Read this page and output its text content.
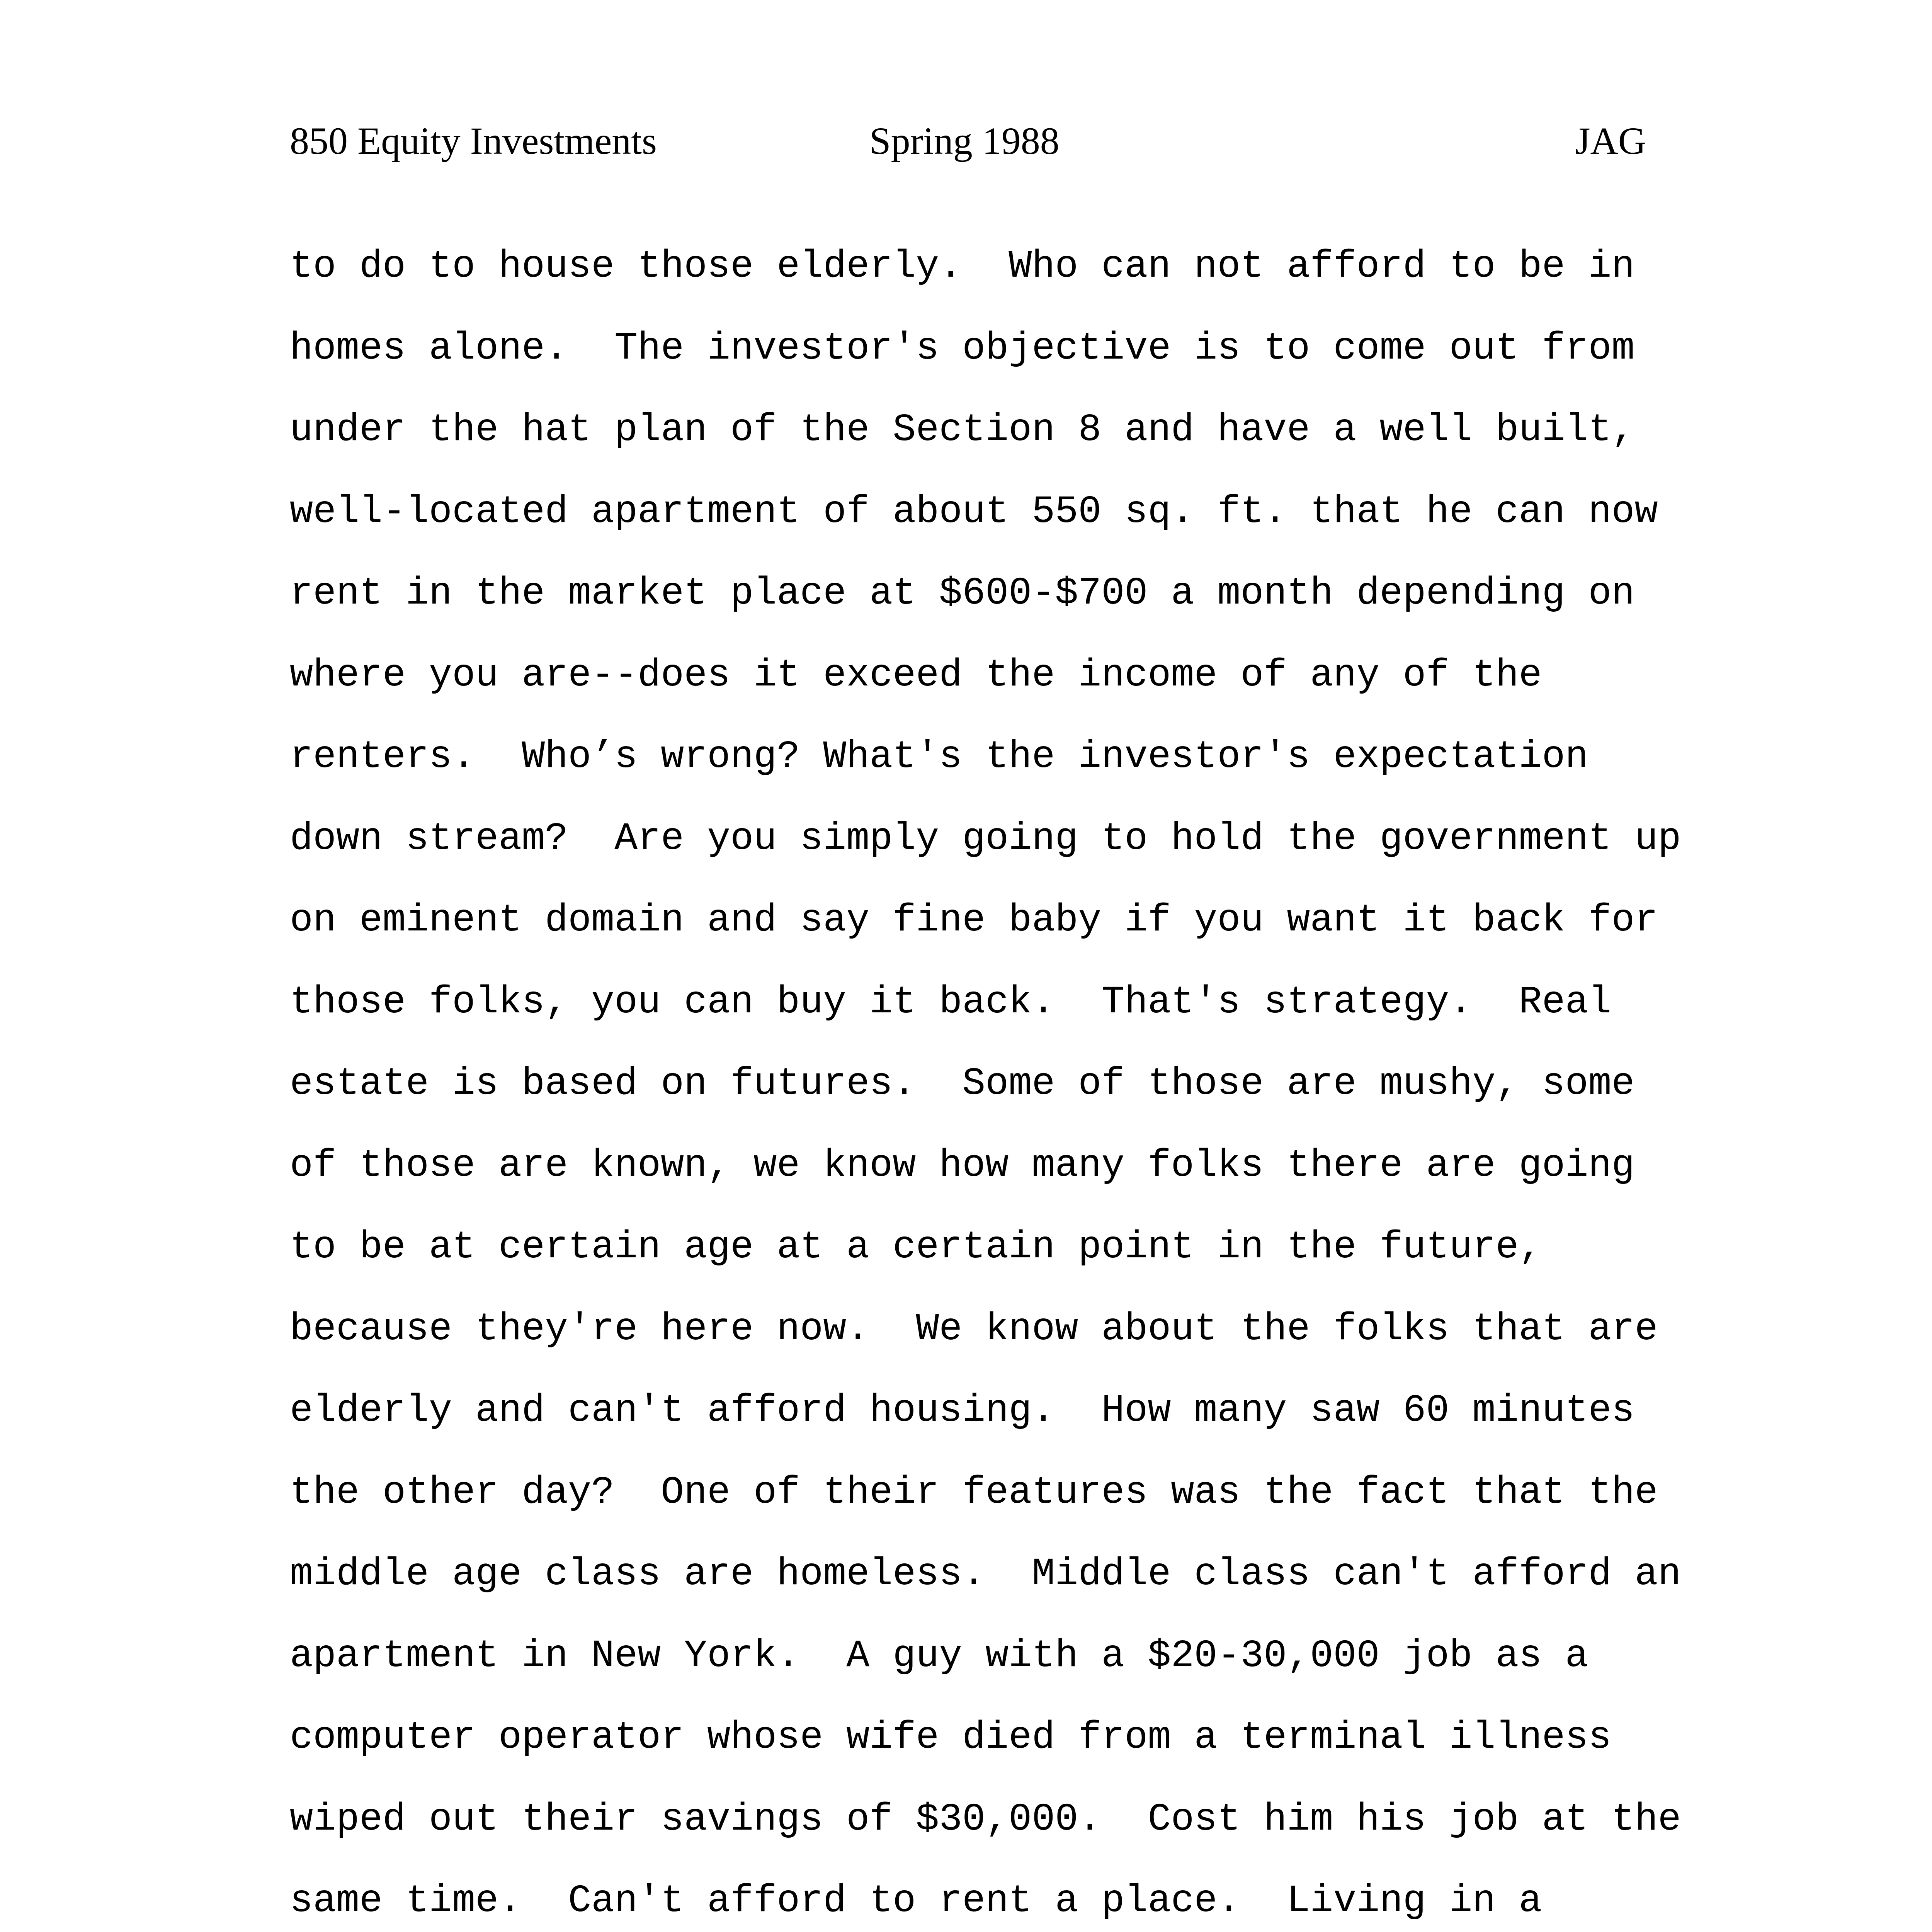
850 Equity Investments	Spring 1988	JAG
to do to house those elderly.  Who can not afford to be in
homes alone.  The investor's objective is to come out from
under the hat plan of the Section 8 and have a well built,
well-located apartment of about 550 sq. ft. that he can now
rent in the market place at $600-$700 a month depending on
where you are--does it exceed the income of any of the
renters.  Who’s wrong? What's the investor's expectation
down stream?  Are you simply going to hold the government up
on eminent domain and say fine baby if you want it back for
those folks, you can buy it back.  That's strategy.  Real
estate is based on futures.  Some of those are mushy, some
of those are known, we know how many folks there are going
to be at certain age at a certain point in the future,
because they're here now.  We know about the folks that are
elderly and can't afford housing.  How many saw 60 minutes
the other day?  One of their features was the fact that the
middle age class are homeless.  Middle class can't afford an
apartment in New York.  A guy with a $20-30,000 job as a
computer operator whose wife died from a terminal illness
wiped out their savings of $30,000.  Cost him his job at the
same time.  Can't afford to rent a place.  Living in a
